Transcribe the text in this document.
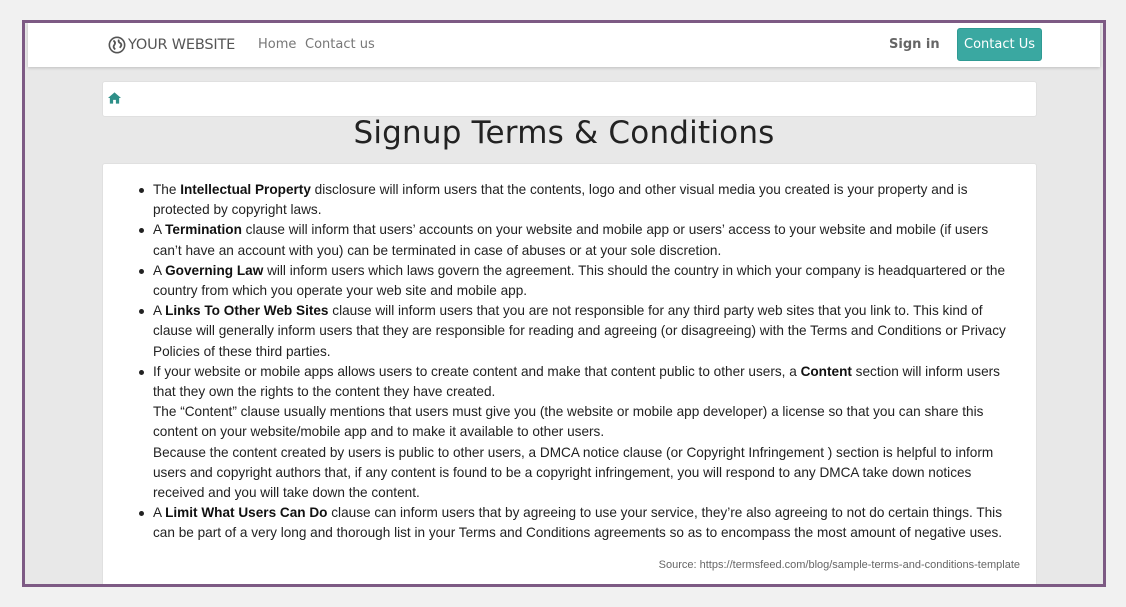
YOUR WEBSITE Home Contact us	Sign in	Contact Us
Signup Terms & Conditions
The Intellectual Property disclosure will inform users that the contents, logo and other visual media you created is your property and is protected by copyright laws.
A Termination clause will inform that users’ accounts on your website and mobile app or users’ access to your website and mobile (if users can’t have an account with you) can be terminated in case of abuses or at your sole discretion.
A Governing Law will inform users which laws govern the agreement. This should the country in which your company is headquartered or the country from which you operate your web site and mobile app.
A Links To Other Web Sites clause will inform users that you are not responsible for any third party web sites that you link to. This kind of clause will generally inform users that they are responsible for reading and agreeing (or disagreeing) with the Terms and Conditions or Privacy Policies of these third parties.
If your website or mobile apps allows users to create content and make that content public to other users, a Content section will inform users that they own the rights to the content they have created.
The “Content” clause usually mentions that users must give you (the website or mobile app developer) a license so that you can share this content on your website/mobile app and to make it available to other users.
Because the content created by users is public to other users, a DMCA notice clause (or Copyright Infringement ) section is helpful to inform users and copyright authors that, if any content is found to be a copyright infringement, you will respond to any DMCA take down notices received and you will take down the content.
A Limit What Users Can Do clause can inform users that by agreeing to use your service, they’re also agreeing to not do certain things. This can be part of a very long and thorough list in your Terms and Conditions agreements so as to encompass the most amount of negative uses.
Source: https://termsfeed.com/blog/sample-terms-and-conditions-template
